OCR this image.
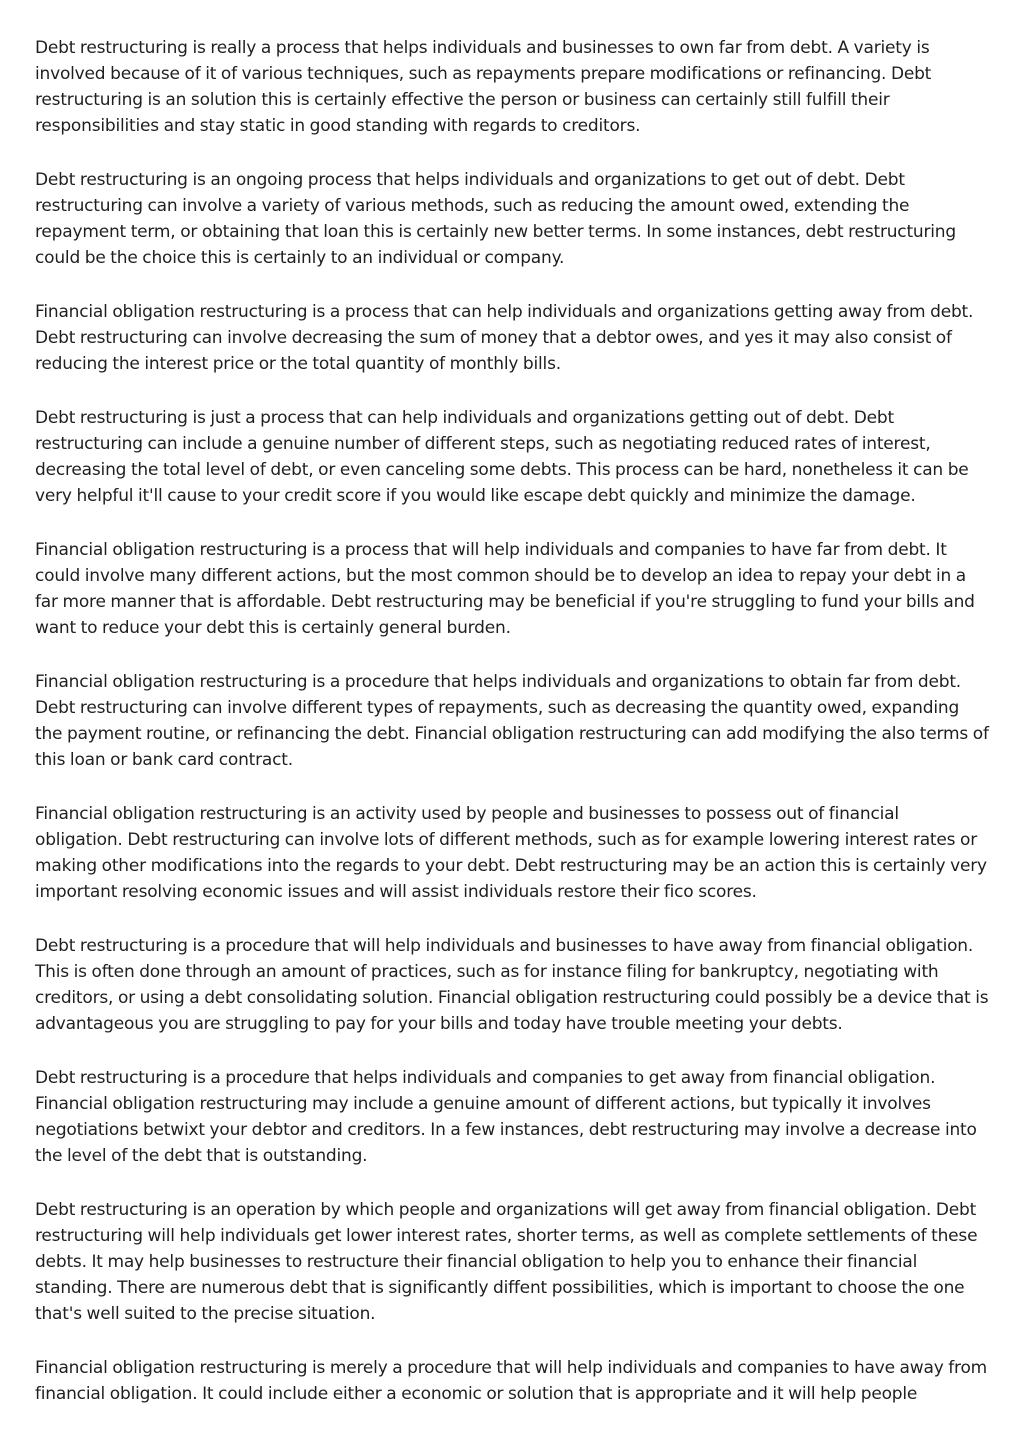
Debt restructuring is really a process that helps individuals and businesses to own far from debt. A variety is involved because of it of various techniques, such as repayments prepare modifications or refinancing. Debt restructuring is an solution this is certainly effective the person or business can certainly still fulfill their responsibilities and stay static in good standing with regards to creditors.

Debt restructuring is an ongoing process that helps individuals and organizations to get out of debt. Debt restructuring can involve a variety of various methods, such as reducing the amount owed, extending the repayment term, or obtaining that loan this is certainly new better terms. In some instances, debt restructuring could be the choice this is certainly to an individual or company.

Financial obligation restructuring is a process that can help individuals and organizations getting away from debt. Debt restructuring can involve decreasing the sum of money that a debtor owes, and yes it may also consist of reducing the interest price or the total quantity of monthly bills.

Debt restructuring is just a process that can help individuals and organizations getting out of debt. Debt restructuring can include a genuine number of different steps, such as negotiating reduced rates of interest, decreasing the total level of debt, or even canceling some debts. This process can be hard, nonetheless it can be very helpful it'll cause to your credit score if you would like escape debt quickly and minimize the damage.

Financial obligation restructuring is a process that will help individuals and companies to have far from debt. It could involve many different actions, but the most common should be to develop an idea to repay your debt in a far more manner that is affordable. Debt restructuring may be beneficial if you're struggling to fund your bills and want to reduce your debt this is certainly general burden.

Financial obligation restructuring is a procedure that helps individuals and organizations to obtain far from debt. Debt restructuring can involve different types of repayments, such as decreasing the quantity owed, expanding the payment routine, or refinancing the debt. Financial obligation restructuring can add modifying the also terms of this loan or bank card contract.

Financial obligation restructuring is an activity used by people and businesses to possess out of financial obligation. Debt restructuring can involve lots of different methods, such as for example lowering interest rates or making other modifications into the regards to your debt. Debt restructuring may be an action this is certainly very important resolving economic issues and will assist individuals restore their fico scores.

Debt restructuring is a procedure that will help individuals and businesses to have away from financial obligation. This is often done through an amount of practices, such as for instance filing for bankruptcy, negotiating with creditors, or using a debt consolidating solution. Financial obligation restructuring could possibly be a device that is advantageous you are struggling to pay for your bills and today have trouble meeting your debts.

Debt restructuring is a procedure that helps individuals and companies to get away from financial obligation. Financial obligation restructuring may include a genuine amount of different actions, but typically it involves negotiations betwixt your debtor and creditors. In a few instances, debt restructuring may involve a decrease into the level of the debt that is outstanding.

Debt restructuring is an operation by which people and organizations will get away from financial obligation. Debt restructuring will help individuals get lower interest rates, shorter terms, as well as complete settlements of these debts. It may help businesses to restructure their financial obligation to help you to enhance their financial standing. There are numerous debt that is significantly diffent possibilities, which is important to choose the one that's well suited to the precise situation.

Financial obligation restructuring is merely a procedure that will help individuals and companies to have away from financial obligation. It could include either a economic or solution that is appropriate and it will help people
